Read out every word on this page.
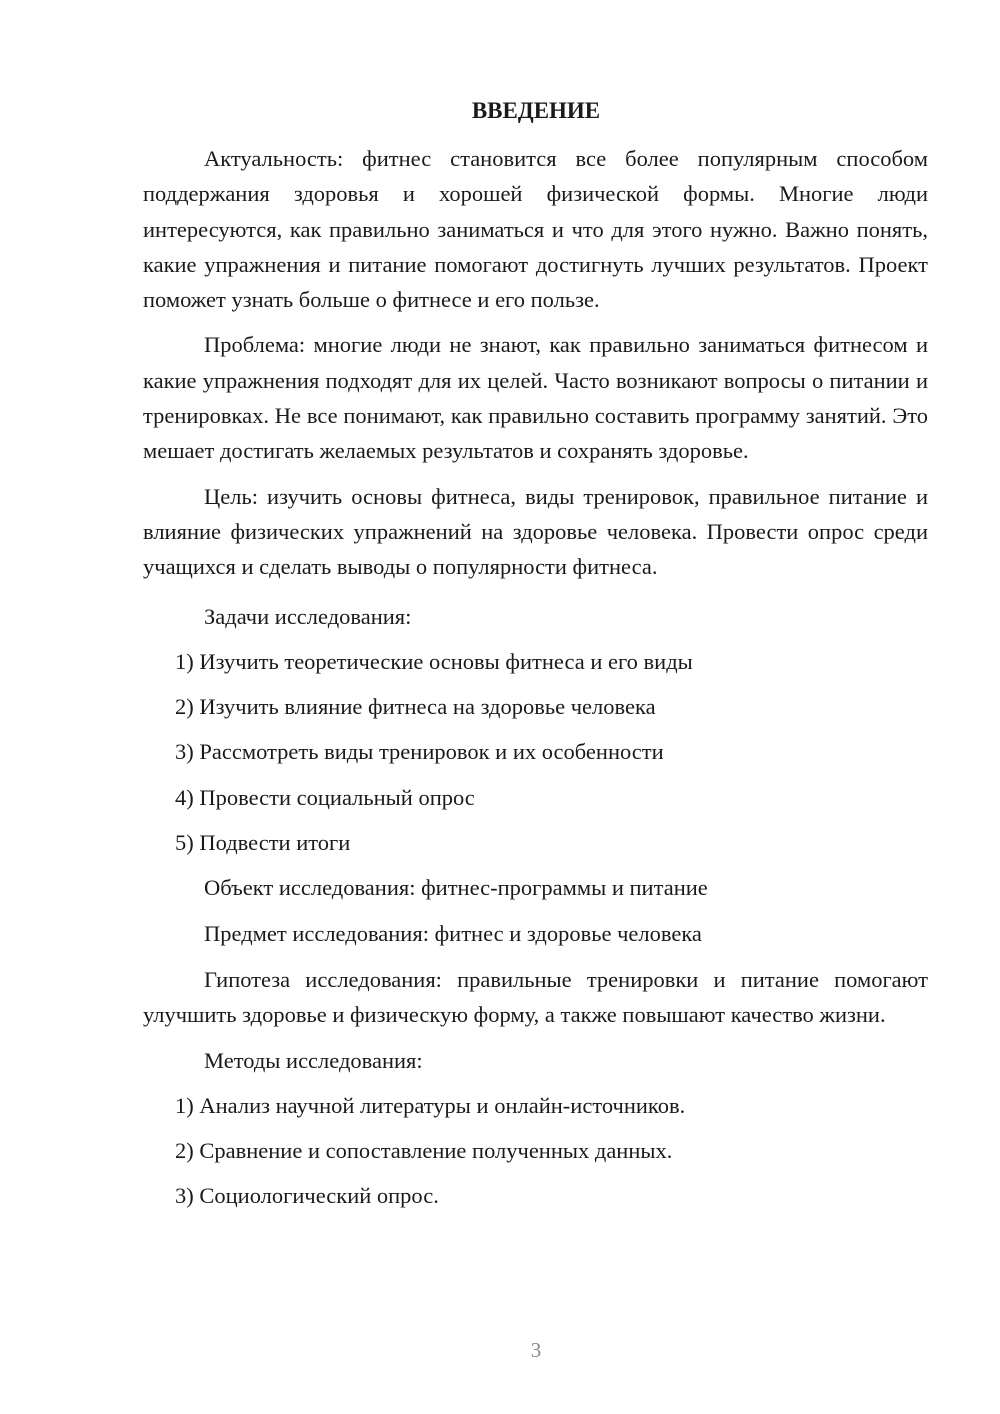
ВВЕДЕНИЕ

Актуальность: фитнес становится все более популярным способом поддержания здоровья и хорошей физической формы. Многие люди интересуются, как правильно заниматься и что для этого нужно. Важно понять, какие упражнения и питание помогают достигнуть лучших результатов. Проект поможет узнать больше о фитнесе и его пользе.

Проблема: многие люди не знают, как правильно заниматься фитнесом и какие упражнения подходят для их целей. Часто возникают вопросы о питании и тренировках. Не все понимают, как правильно составить программу занятий. Это мешает достигать желаемых результатов и сохранять здоровье.

Цель: изучить основы фитнеса, виды тренировок, правильное питание и влияние физических упражнений на здоровье человека. Провести опрос среди учащихся и сделать выводы о популярности фитнеса.

Задачи исследования:

1) Изучить теоретические основы фитнеса и его виды

2) Изучить влияние фитнеса на здоровье человека

3) Рассмотреть виды тренировок и их особенности

4) Провести социальный опрос

5) Подвести итоги

Объект исследования: фитнес-программы и питание

Предмет исследования: фитнес и здоровье человека

Гипотеза исследования: правильные тренировки и питание помогают улучшить здоровье и физическую форму, а также повышают качество жизни.

Методы исследования:

1) Анализ научной литературы и онлайн-источников.

2) Сравнение и сопоставление полученных данных.

3) Социологический опрос.

3
